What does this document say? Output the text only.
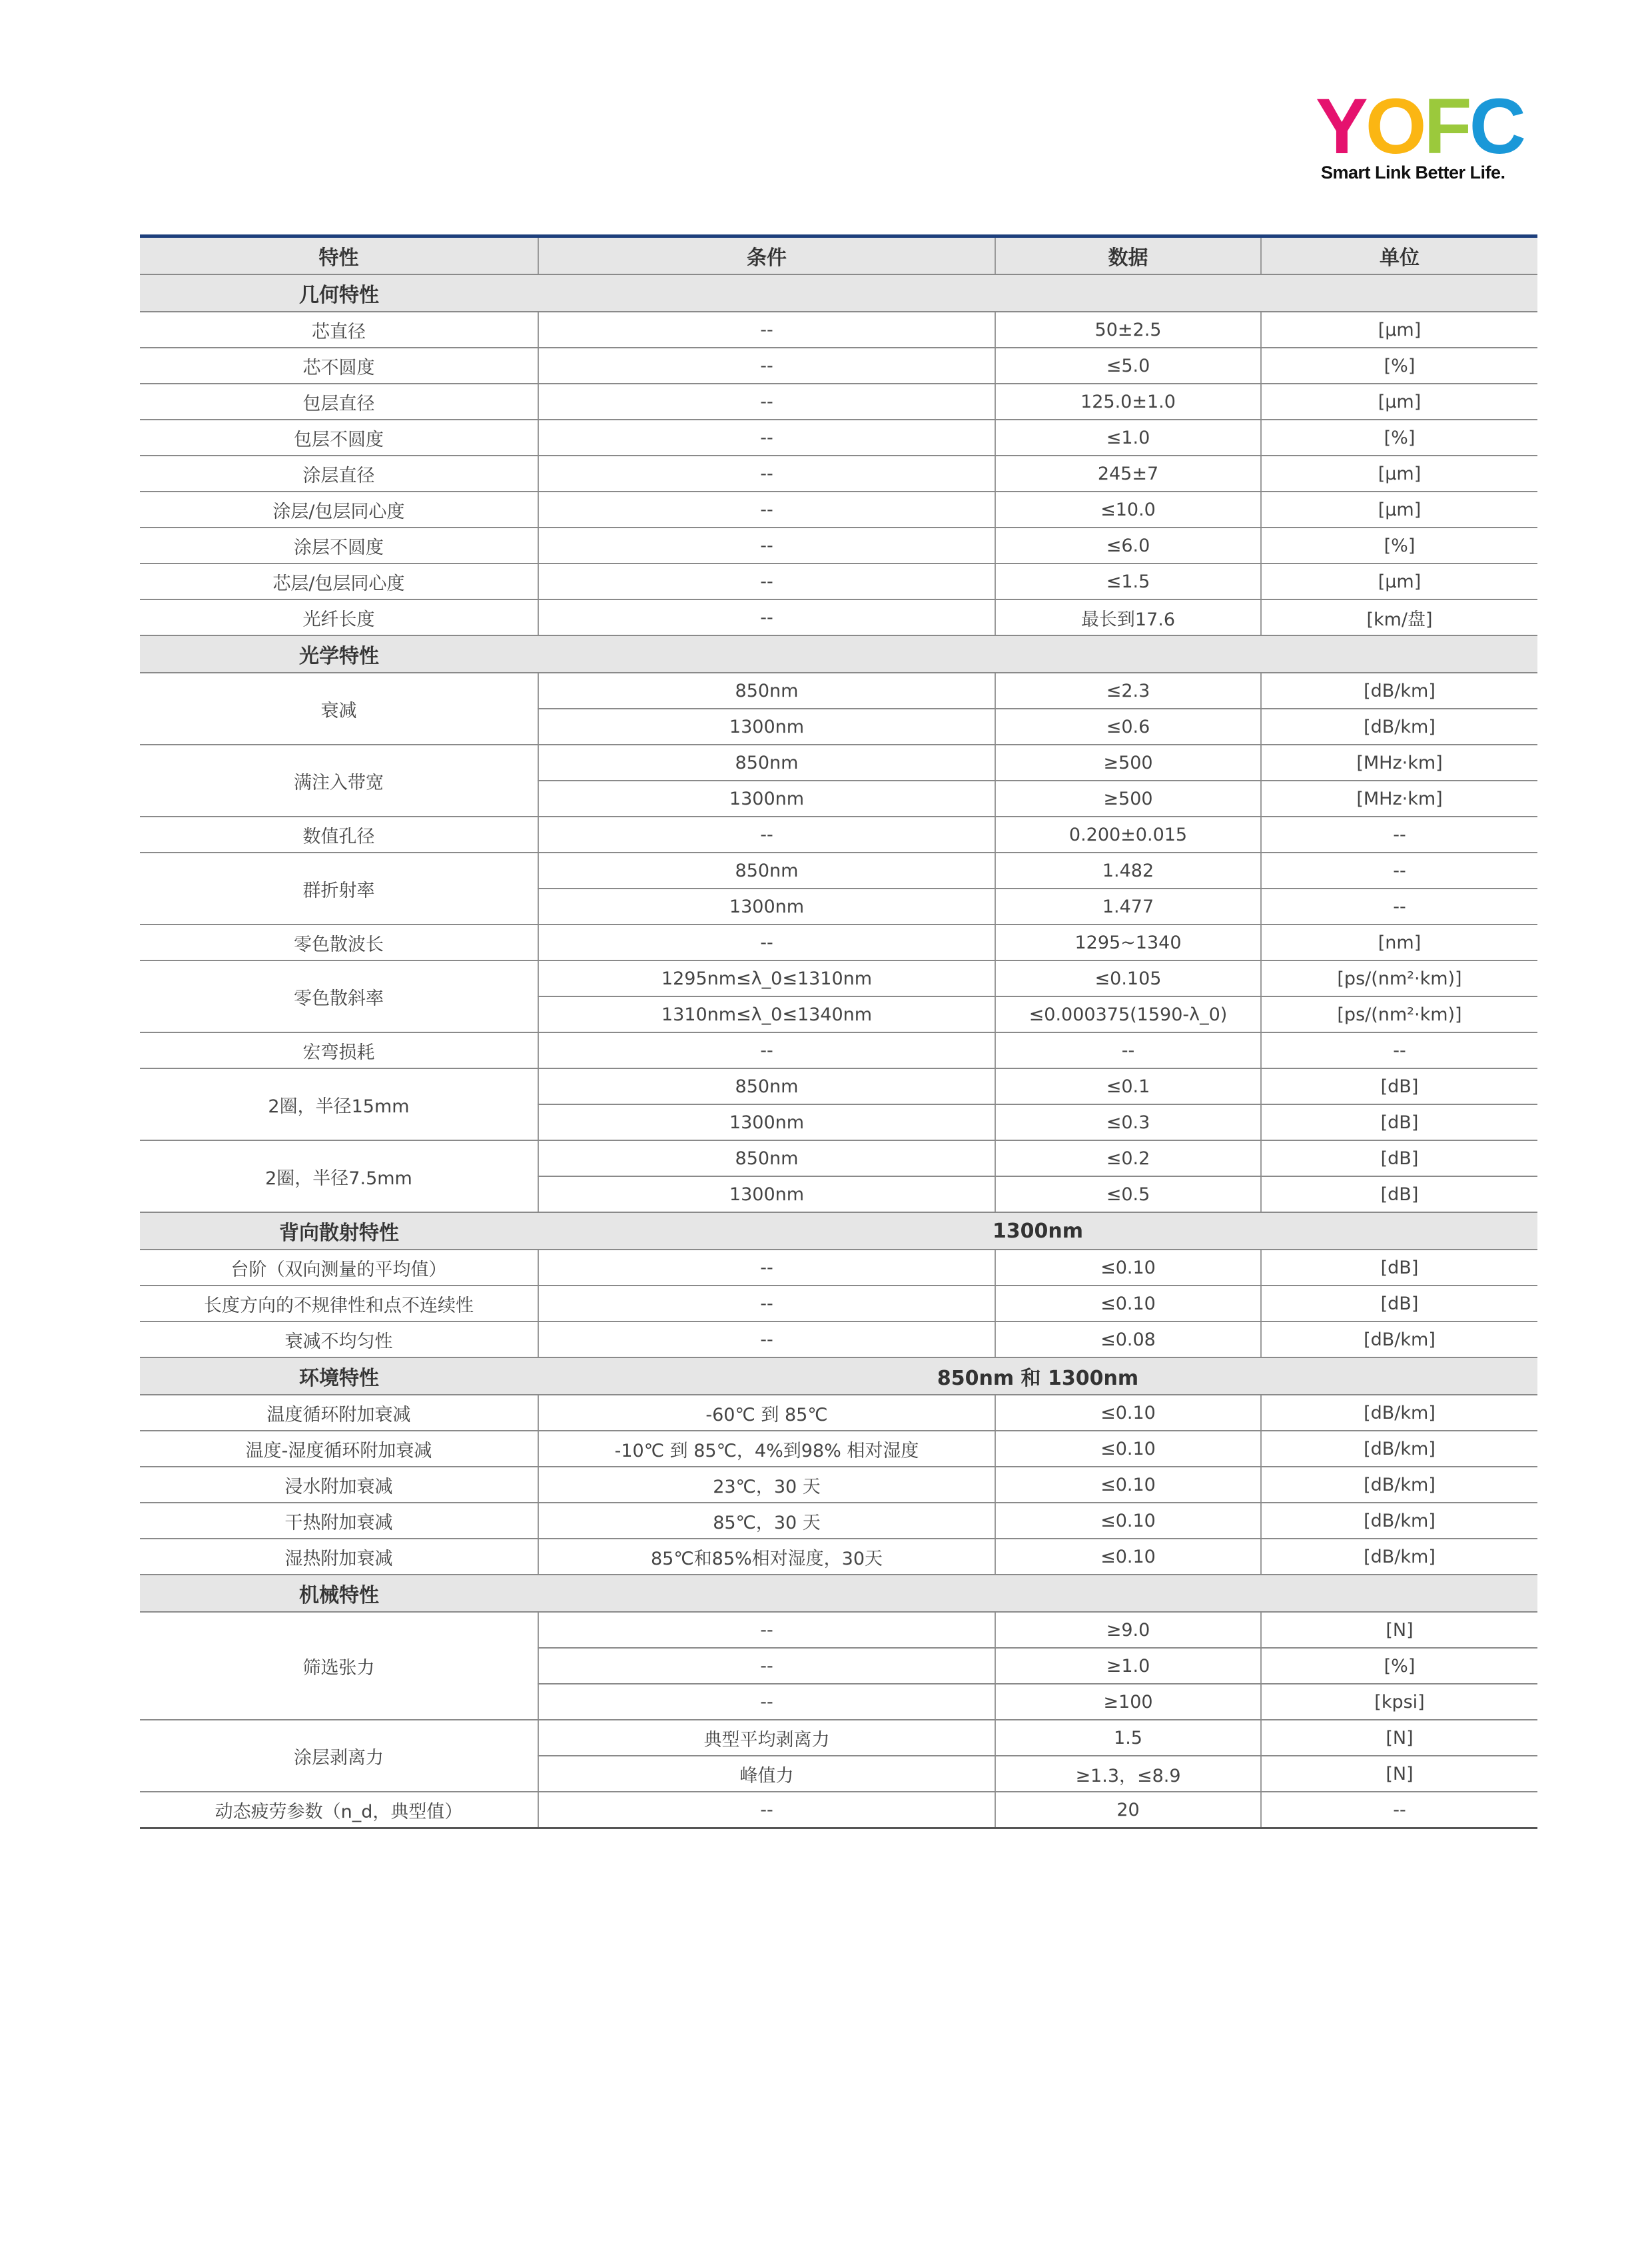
YOFC
Smart Link Better Life.
特性	条件	数据	单位
几何特性			
芯直径	--	50±2.5	[μm]
芯不圆度	--	≤5.0	[%]
包层直径	--	125.0±1.0	[μm]
包层不圆度	--	≤1.0	[%]
涂层直径	--	245±7	[μm]
涂层/包层同心度	--	≤10.0	[μm]
涂层不圆度	--	≤6.0	[%]
芯层/包层同心度	--	≤1.5	[μm]
光纤长度	--	最长到17.6	[km/盘]
光学特性			
衰减	850nm	≤2.3	[dB/km]
	1300nm	≤0.6	[dB/km]
满注入带宽	850nm	≥500	[MHz·km]
	1300nm	≥500	[MHz·km]
数值孔径	--	0.200±0.015	--
群折射率	850nm	1.482	--
	1300nm	1.477	--
零色散波长	--	1295~1340	[nm]
零色散斜率	1295nm≤λ_0≤1310nm	≤0.105	[ps/(nm²·km)]
	1310nm≤λ_0≤1340nm	≤0.000375(1590-λ_0)	[ps/(nm²·km)]
宏弯损耗	--	--	--
2圈，半径15mm	850nm	≤0.1	[dB]
	1300nm	≤0.3	[dB]
2圈，半径7.5mm	850nm	≤0.2	[dB]
	1300nm	≤0.5	[dB]
背向散射特性	1300nm		
台阶（双向测量的平均值）	--	≤0.10	[dB]
长度方向的不规律性和点不连续性	--	≤0.10	[dB]
衰减不均匀性	--	≤0.08	[dB/km]
环境特性	850nm 和 1300nm		
温度循环附加衰减	-60℃ 到 85℃	≤0.10	[dB/km]
温度-湿度循环附加衰减	-10℃ 到 85℃，4%到98% 相对湿度	≤0.10	[dB/km]
浸水附加衰减	23℃，30 天	≤0.10	[dB/km]
干热附加衰减	85℃，30 天	≤0.10	[dB/km]
湿热附加衰减	85℃和85%相对湿度，30天	≤0.10	[dB/km]
机械特性			
筛选张力	--	≥9.0	[N]
	--	≥1.0	[%]
	--	≥100	[kpsi]
涂层剥离力	典型平均剥离力	1.5	[N]
	峰值力	≥1.3，≤8.9	[N]
动态疲劳参数（n_d，典型值）	--	20	--
